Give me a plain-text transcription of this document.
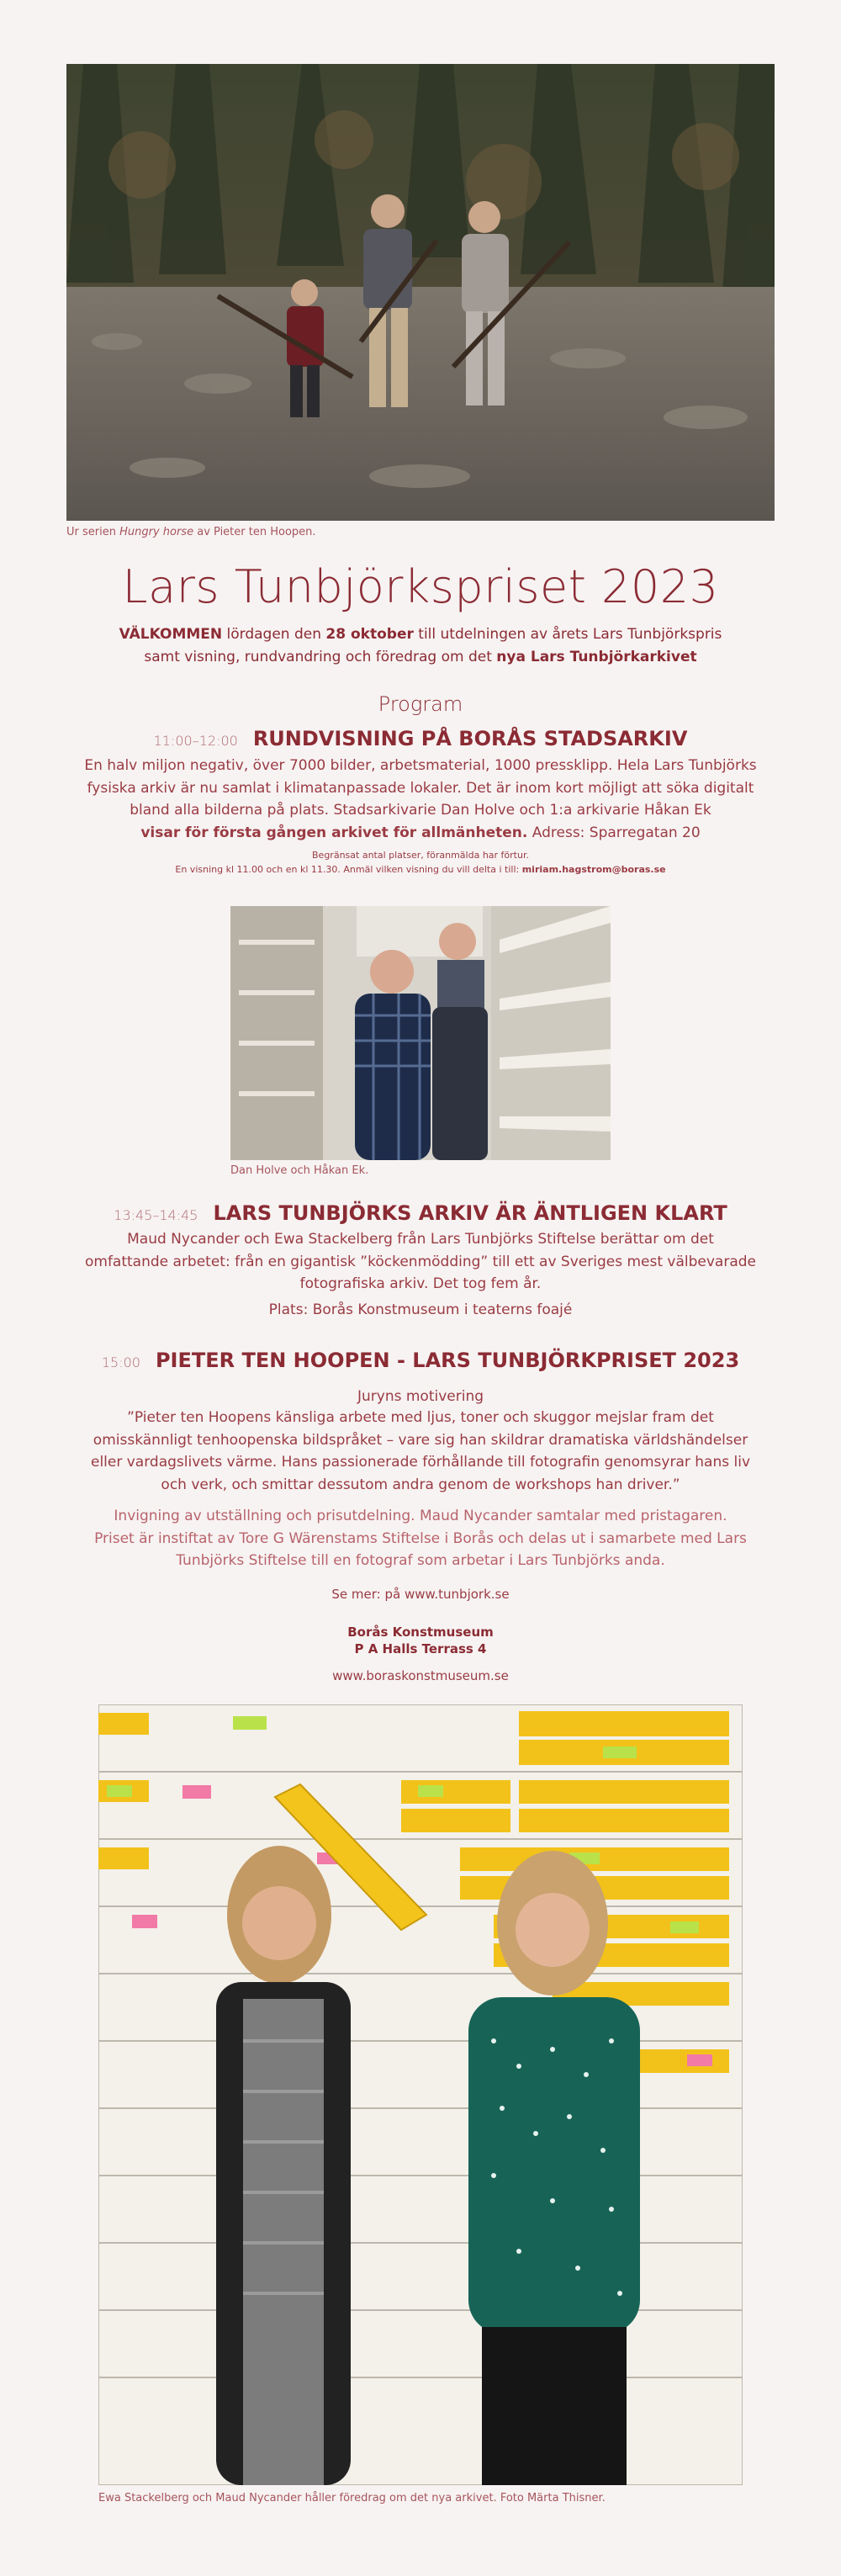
Ur serien Hungry horse av Pieter ten Hoopen.
Lars Tunbjörkspriset 2023
VÄLKOMMEN lördagen den 28 oktober till utdelningen av årets Lars Tunbjörkspris
samt visning, rundvandring och föredrag om det nya Lars Tunbjörkarkivet
Program
11:00–12:00 RUNDVISNING PÅ BORÅS STADSARKIV
En halv miljon negativ, över 7000 bilder, arbetsmaterial, 1000 pressklipp. Hela Lars Tunbjörks
fysiska arkiv är nu samlat i klimatanpassade lokaler. Det är inom kort möjligt att söka digitalt
bland alla bilderna på plats. Stadsarkivarie Dan Holve och 1:a arkivarie Håkan Ek
visar för första gången arkivet för allmänheten. Adress: Sparregatan 20
Begränsat antal platser, föranmälda har förtur.
En visning kl 11.00 och en kl 11.30. Anmäl vilken visning du vill delta i till: miriam.hagstrom@boras.se
Dan Holve och Håkan Ek.
13:45–14:45 LARS TUNBJÖRKS ARKIV ÄR ÄNTLIGEN KLART
Maud Nycander och Ewa Stackelberg från Lars Tunbjörks Stiftelse berättar om det
omfattande arbetet: från en gigantisk ”köckenmödding” till ett av Sveriges mest välbevarade
fotografiska arkiv. Det tog fem år.
Plats: Borås Konstmuseum i teaterns foajé
15:00 PIETER TEN HOOPEN - LARS TUNBJÖRKPRISET 2023
Juryns motivering
”Pieter ten Hoopens känsliga arbete med ljus, toner och skuggor mejslar fram det
omisskännligt tenhoopenska bildspråket – vare sig han skildrar dramatiska världshändelser
eller vardagslivets värme. Hans passionerade förhållande till fotografin genomsyrar hans liv
och verk, och smittar dessutom andra genom de workshops han driver.”
Invigning av utställning och prisutdelning. Maud Nycander samtalar med pristagaren.
Priset är instiftat av Tore G Wärenstams Stiftelse i Borås och delas ut i samarbete med Lars
Tunbjörks Stiftelse till en fotograf som arbetar i Lars Tunbjörks anda.
Se mer: på www.tunbjork.se
Borås Konstmuseum
P A Halls Terrass 4
www.boraskonstmuseum.se
Ewa Stackelberg och Maud Nycander håller föredrag om det nya arkivet. Foto Märta Thisner.
